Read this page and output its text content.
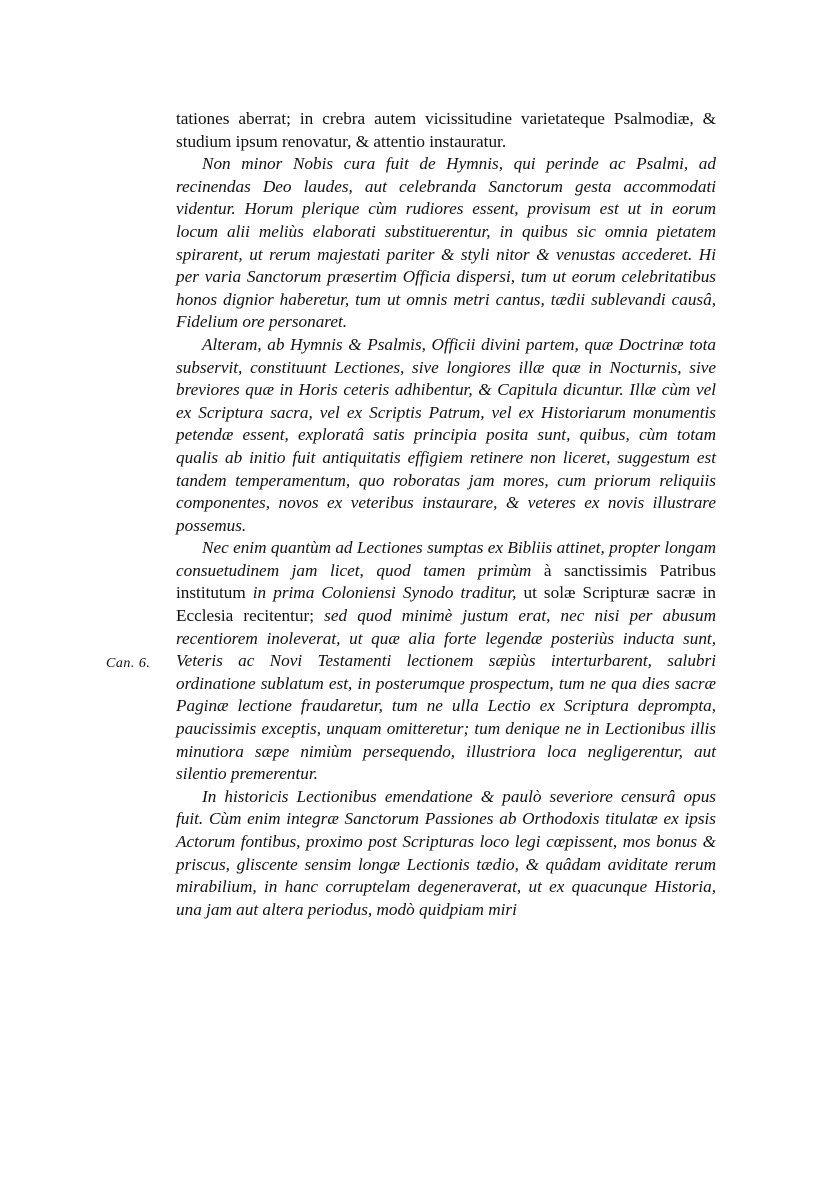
Can. 6.

tationes aberrat; in crebra autem vicissitudine varietateque Psalmodiæ, & studium ipsum renovatur, & attentio instauratur.

Non minor Nobis cura fuit de Hymnis, qui perinde ac Psalmi, ad recinendas Deo laudes, aut celebranda Sanctorum gesta accommodati videntur. Horum plerique cùm rudiores essent, provisum est ut in eorum locum alii meliùs elaborati substituerentur, in quibus sic omnia pietatem spirarent, ut rerum majestati pariter & styli nitor & venustas accederet. Hi per varia Sanctorum præsertim Officia dispersi, tum ut eorum celebritatibus honos dignior haberetur, tum ut omnis metri cantus, tædii sublevandi causâ, Fidelium ore personaret.

Alteram, ab Hymnis & Psalmis, Officii divini partem, quæ Doctrinæ tota subservit, constituunt Lectiones, sive longiores illæ quæ in Nocturnis, sive breviores quæ in Horis ceteris adhibentur, & Capitula dicuntur. Illæ cùm vel ex Scriptura sacra, vel ex Scriptis Patrum, vel ex Historiarum monumentis petendæ essent, exploratâ satis principia posita sunt, quibus, cùm totam qualis ab initio fuit antiquitatis effigiem retinere non liceret, suggestum est tandem temperamentum, quo roboratas jam mores, cum priorum reliquiis componentes, novos ex veteribus instaurare, & veteres ex novis illustrare possemus.

Nec enim quantùm ad Lectiones sumptas ex Bibliis attinet, propter longam consuetudinem jam licet, quod tamen primùm à sanctissimis Patribus institutum in prima Coloniensi Synodo traditur, ut solæ Scripturæ sacræ in Ecclesia recitentur; sed quod minimè justum erat, nec nisi per abusum recentiorem inoleverat, ut quæ alia forte legendæ posteriùs inducta sunt, Veteris ac Novi Testamenti lectionem sæpiùs interturbarent, salubri ordinatione sublatum est, in posterumque prospectum, tum ne qua dies sacræ Paginæ lectione fraudaretur, tum ne ulla Lectio ex Scriptura deprompta, paucissimis exceptis, unquam omitteretur; tum denique ne in Lectionibus illis minutiora sæpe nimiùm persequendo, illustriora loca negligerentur, aut silentio premerentur.

In historicis Lectionibus emendatione & paulò severiore censurâ opus fuit. Cùm enim integræ Sanctorum Passiones ab Orthodoxis titulatæ ex ipsis Actorum fontibus, proximo post Scripturas loco legi cœpissent, mos bonus & priscus, gliscente sensim longæ Lectionis tædio, & quâdam aviditate rerum mirabilium, in hanc corruptelam degeneraverat, ut ex quacunque Historia, una jam aut altera periodus, modò quidpiam miri
